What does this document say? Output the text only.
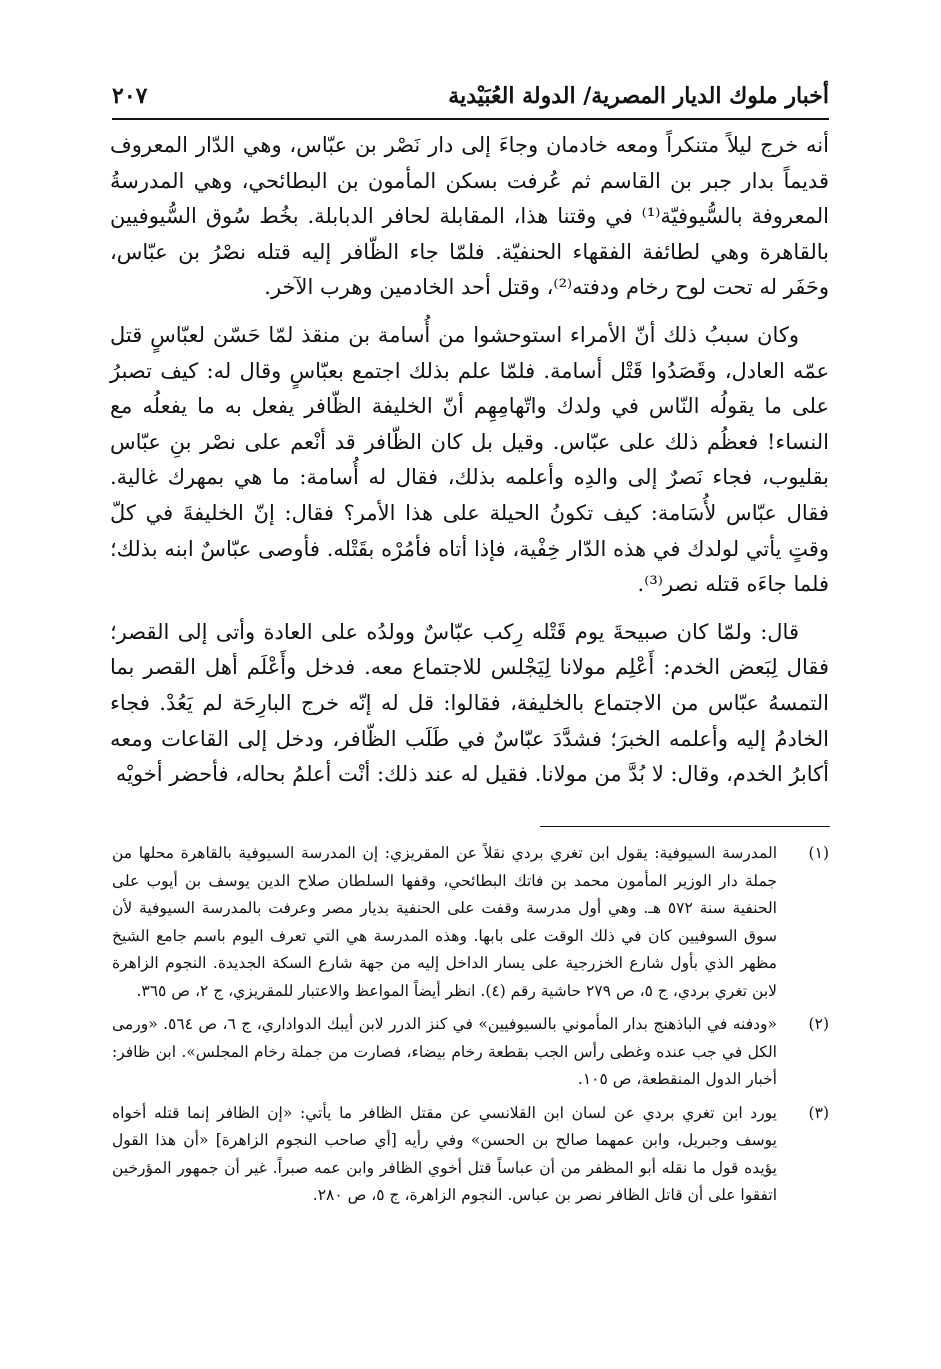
أخبار ملوك الديار المصرية/ الدولة العُبَيْدية
٢٠٧

أنه خرج ليلاً متنكراً ومعه خادمان وجاءَ إلى دار نَصْر بن عبّاس، وهي الدّار المعروف قديماً بدار جبر بن القاسم ثم عُرفت بسكن المأمون بن البطائحي، وهي المدرسةُ المعروفة بالسُّيوفيّة⁽¹⁾ في وقتنا هذا، المقابلة لحافر الدبابلة. بخُط سُوق السُّيوفيين بالقاهرة وهي لطائفة الفقهاء الحنفيّة. فلمّا جاء الظّافر إليه قتله نصْرُ بن عبّاس، وحَفَر له تحت لوح رخام ودفته⁽²⁾، وقتل أحد الخادمين وهرب الآخر.

وكان سببُ ذلك أنّ الأمراء استوحشوا من أُسامة بن منقذ لمّا حَسّن لعبّاسٍ قتل عمّه العادل، وقَصَدُوا قَتْل أسامة. فلمّا علم بذلك اجتمع بعبّاسٍ وقال له: كيف تصبرُ على ما يقولُه النّاس في ولدك واتّهامِهِم أنّ الخليفة الظّافر يفعل به ما يفعلُه مع النساء! فعظُم ذلك على عبّاس. وقيل بل كان الظّافر قد أنْعم على نصْر بنِ عبّاس بقليوب، فجاء نَصرٌ إلى والدِه وأعلمه بذلك، فقال له أُسامة: ما هي بمهرك غالية. فقال عبّاس لأُسَامة: كيف تكونُ الحيلة على هذا الأمر؟ فقال: إنّ الخليفةَ في كلّ وقتٍ يأتي لولدك في هذه الدّار خِفْية، فإذا أتاه فأمُرْه بقَتْله. فأوصى عبّاسٌ ابنه بذلك؛ فلما جاءَه قتله نصر⁽³⁾.

قال: ولمّا كان صبيحةَ يوم قَتْله رِكب عبّاسٌ وولدُه على العادة وأتى إلى القصر؛ فقال لِبَعض الخدم: أَعْلِم مولانا لِيَجْلس للاجتماع معه. فدخل وأَعْلَم أهل القصر بما التمسهُ عبّاس من الاجتماع بالخليفة، فقالوا: قل له إنّه خرج البارِحَة لم يَعُدْ. فجاء الخادمُ إليه وأعلمه الخبرَ؛ فشدَّدَ عبّاسٌ في طَلَب الظّافر، ودخل إلى القاعات ومعه أكابرُ الخدم، وقال: لا بُدَّ من مولانا. فقيل له عند ذلك: أنْت أعلمُ بحاله، فأحضر أخويْه

(١)
المدرسة السيوفية: يقول ابن تغري بردي نقلاً عن المقريزي: إن المدرسة السيوفية بالقاهرة محلها من جملة دار الوزير المأمون محمد بن فاتك البطائحي، وقفها السلطان صلاح الدين يوسف بن أيوب على الحنفية سنة ٥٧٢ هـ. وهي أول مدرسة وقفت على الحنفية بديار مصر وعرفت بالمدرسة السيوفية لأن سوق السوفيين كان في ذلك الوقت على بابها. وهذه المدرسة هي التي تعرف اليوم باسم جامع الشيخ مظهر الذي بأول شارع الخزرجية على يسار الداخل إليه من جهة شارع السكة الجديدة. النجوم الزاهرة لابن تغري بردي، ج ٥، ص ٢٧٩ حاشية رقم (٤). انظر أيضاً المواعظ والاعتبار للمقريزي، ج ٢، ص ٣٦٥.
(٢)
«ودفنه في الباذهنج بدار المأموني بالسيوفيين» في كنز الدرر لابن أيبك الدواداري، ج ٦، ص ٥٦٤. «ورمى الكل في جب عنده وغطى رأس الجب بقطعة رخام بيضاء، فصارت من جملة رخام المجلس». ابن ظافر: أخبار الدول المنقطعة، ص ١٠٥.
(٣)
يورد ابن تغري بردي عن لسان ابن القلانسي عن مقتل الظافر ما يأتي: «إن الظافر إنما قتله أخواه يوسف وجبريل، وابن عمهما صالح بن الحسن» وفي رأيه [أي صاحب النجوم الزاهرة] «أن هذا القول يؤيده قول ما نقله أبو المظفر من أن عباساً قتل أخوي الظافر وابن عمه صبراً. غير أن جمهور المؤرخين اتفقوا على أن قاتل الظافر نصر بن عباس. النجوم الزاهرة، ج ٥، ص ٢٨٠.
